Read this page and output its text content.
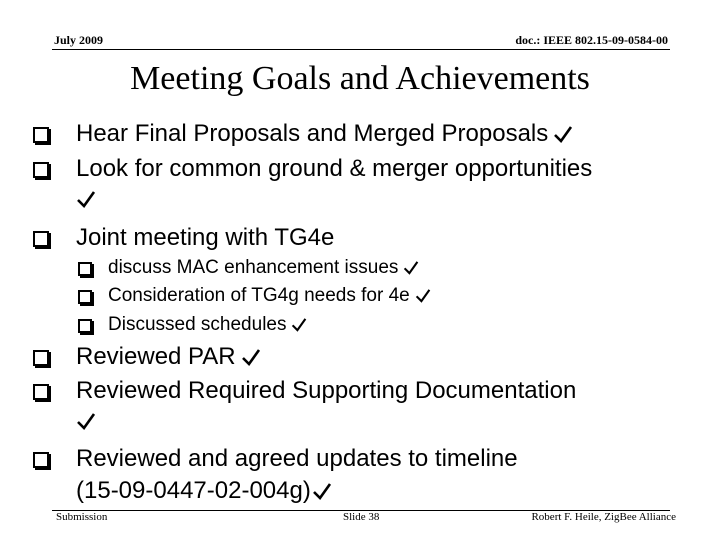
July 2009	doc.: IEEE 802.15-09-0584-00
Meeting Goals and Achievements
Hear Final Proposals and Merged Proposals
Look for common ground & merger opportunities
Joint meeting with TG4e
discuss MAC enhancement issues
Consideration of TG4g needs for 4e
Discussed schedules
Reviewed PAR
Reviewed Required Supporting Documentation
Reviewed and agreed updates to timeline
(15-09-0447-02-004g)
Submission	Slide 38	Robert F. Heile, ZigBee Alliance
